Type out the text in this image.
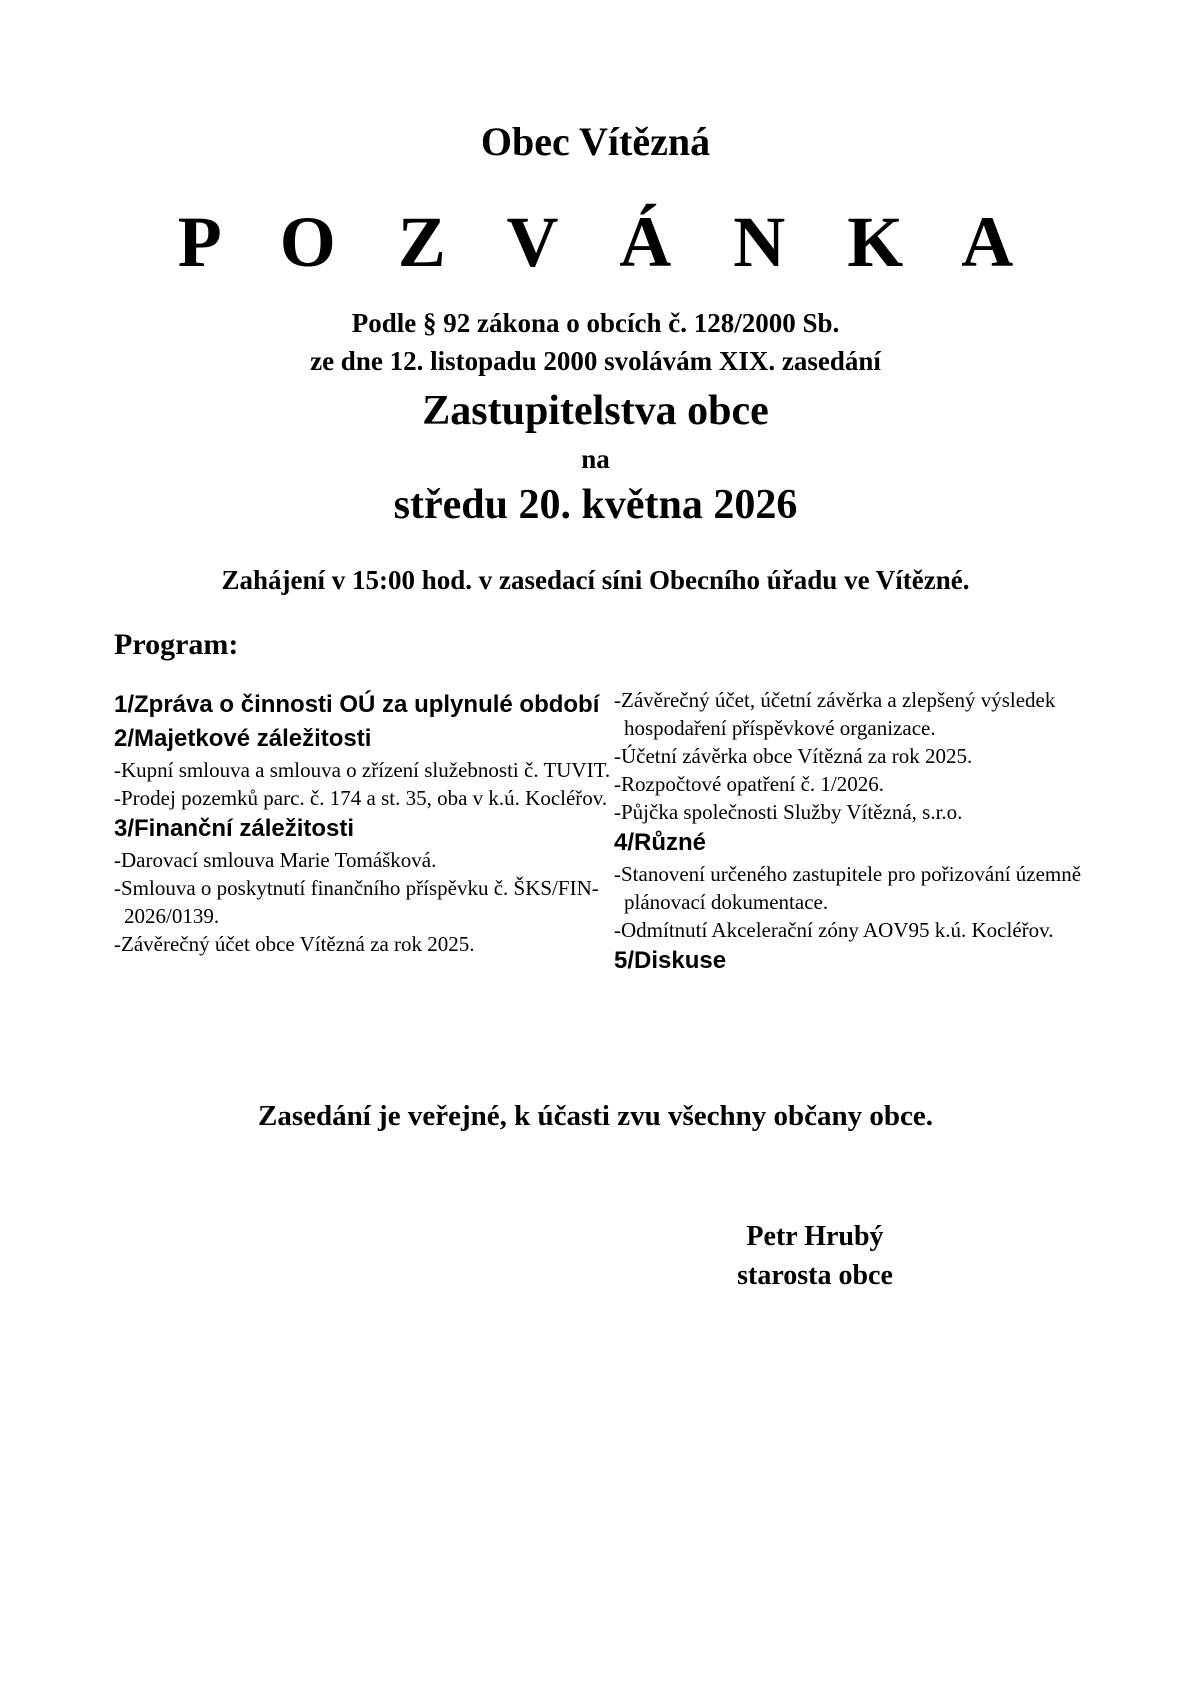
Obec Vítězná
P O Z V Á N K A
Podle § 92 zákona o obcích č. 128/2000 Sb.
ze dne 12. listopadu 2000 svolávám XIX. zasedání
Zastupitelstva obce
na
středu 20. května 2026
Zahájení v 15:00 hod. v zasedací síni Obecního úřadu ve Vítězné.
Program:
1/Zpráva o činnosti OÚ za uplynulé období
2/Majetkové záležitosti
-Kupní smlouva a smlouva o zřízení služebnosti č. TUVIT.
-Prodej pozemků parc. č. 174 a st. 35, oba v k.ú. Kocléřov.
3/Finanční záležitosti
-Darovací smlouva Marie Tomášková.
-Smlouva o poskytnutí finančního příspěvku č. ŠKS/FIN-2026/0139.
-Závěrečný účet obce Vítězná za rok 2025.
-Závěrečný účet, účetní závěrka a zlepšený výsledek hospodaření příspěvkové organizace.
-Účetní závěrka obce Vítězná za rok 2025.
-Rozpočtové opatření č. 1/2026.
-Půjčka společnosti Služby Vítězná, s.r.o.
4/Různé
-Stanovení určeného zastupitele pro pořizování územně plánovací dokumentace.
-Odmítnutí Akcelerační zóny AOV95 k.ú. Kocléřov.
5/Diskuse
Zasedání je veřejné, k účasti zvu všechny občany obce.
Petr Hrubý
starosta obce
